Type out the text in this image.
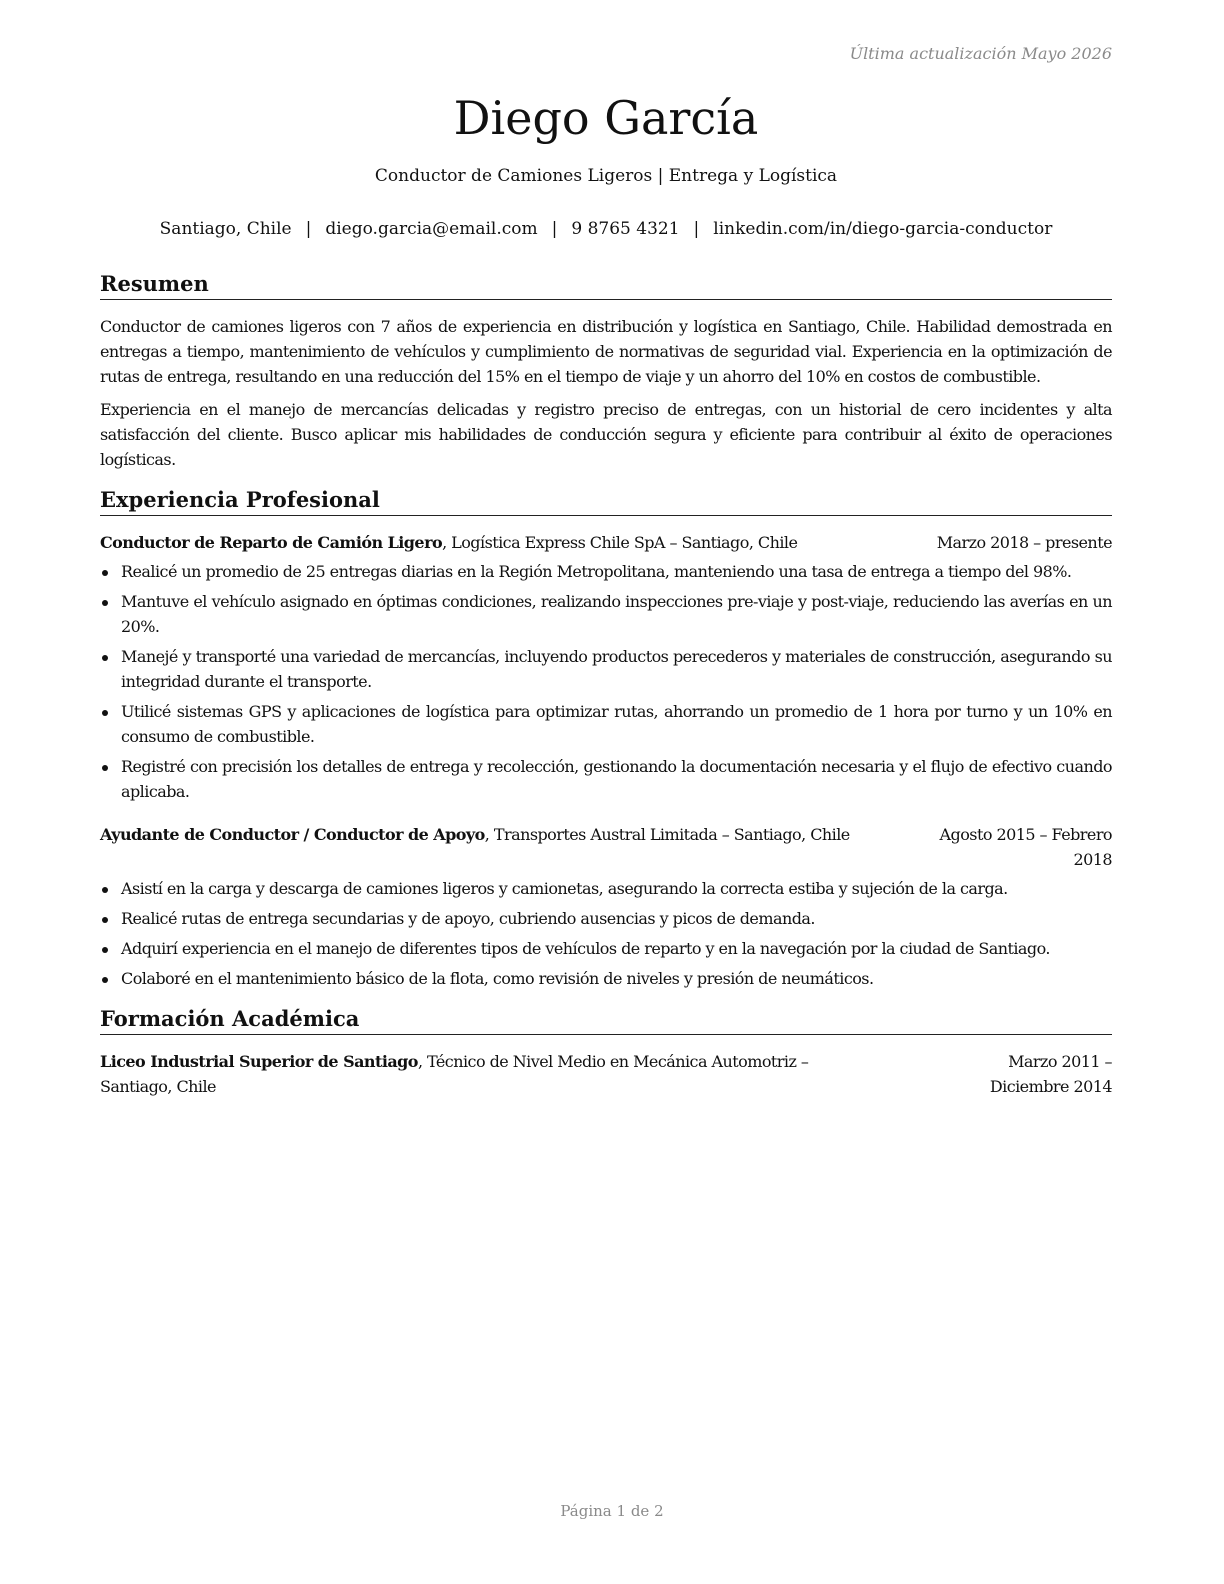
Última actualización Mayo 2026
Diego García
Conductor de Camiones Ligeros | Entrega y Logística
Santiago, Chile | diego.garcia@email.com | 9 8765 4321 | linkedin.com/in/diego-garcia-conductor
Resumen

Conductor de camiones ligeros con 7 años de experiencia en distribución y logística en Santiago, Chile. Habilidad demostrada en entregas a tiempo, mantenimiento de vehículos y cumplimiento de normativas de seguridad vial. Experiencia en la optimización de rutas de entrega, resultando en una reducción del 15% en el tiempo de viaje y un ahorro del 10% en costos de combustible.

Experiencia en el manejo de mercancías delicadas y registro preciso de entregas, con un historial de cero incidentes y alta satisfacción del cliente. Busco aplicar mis habilidades de conducción segura y eficiente para contribuir al éxito de operaciones logísticas.

Experiencia Profesional
Conductor de Reparto de Camión Ligero, Logística Express Chile SpA – Santiago, Chile	Marzo 2018 – presente
Realicé un promedio de 25 entregas diarias en la Región Metropolitana, manteniendo una tasa de entrega a tiempo del 98%.
Mantuve el vehículo asignado en óptimas condiciones, realizando inspecciones pre-viaje y post-viaje, reduciendo las averías en un 20%.
Manejé y transporté una variedad de mercancías, incluyendo productos perecederos y materiales de construcción, asegurando su integridad durante el transporte.
Utilicé sistemas GPS y aplicaciones de logística para optimizar rutas, ahorrando un promedio de 1 hora por turno y un 10% en consumo de combustible.
Registré con precisión los detalles de entrega y recolección, gestionando la documentación necesaria y el flujo de efectivo cuando aplicaba.
Ayudante de Conductor / Conductor de Apoyo, Transportes Austral Limitada – Santiago, Chile	Agosto 2015 – Febrero 2018
Asistí en la carga y descarga de camiones ligeros y camionetas, asegurando la correcta estiba y sujeción de la carga.
Realicé rutas de entrega secundarias y de apoyo, cubriendo ausencias y picos de demanda.
Adquirí experiencia en el manejo de diferentes tipos de vehículos de reparto y en la navegación por la ciudad de Santiago.
Colaboré en el mantenimiento básico de la flota, como revisión de niveles y presión de neumáticos.
Formación Académica
Liceo Industrial Superior de Santiago, Técnico de Nivel Medio en Mecánica Automotriz – Santiago, Chile
Marzo 2011 – Diciembre 2014
Página 1 de 2
